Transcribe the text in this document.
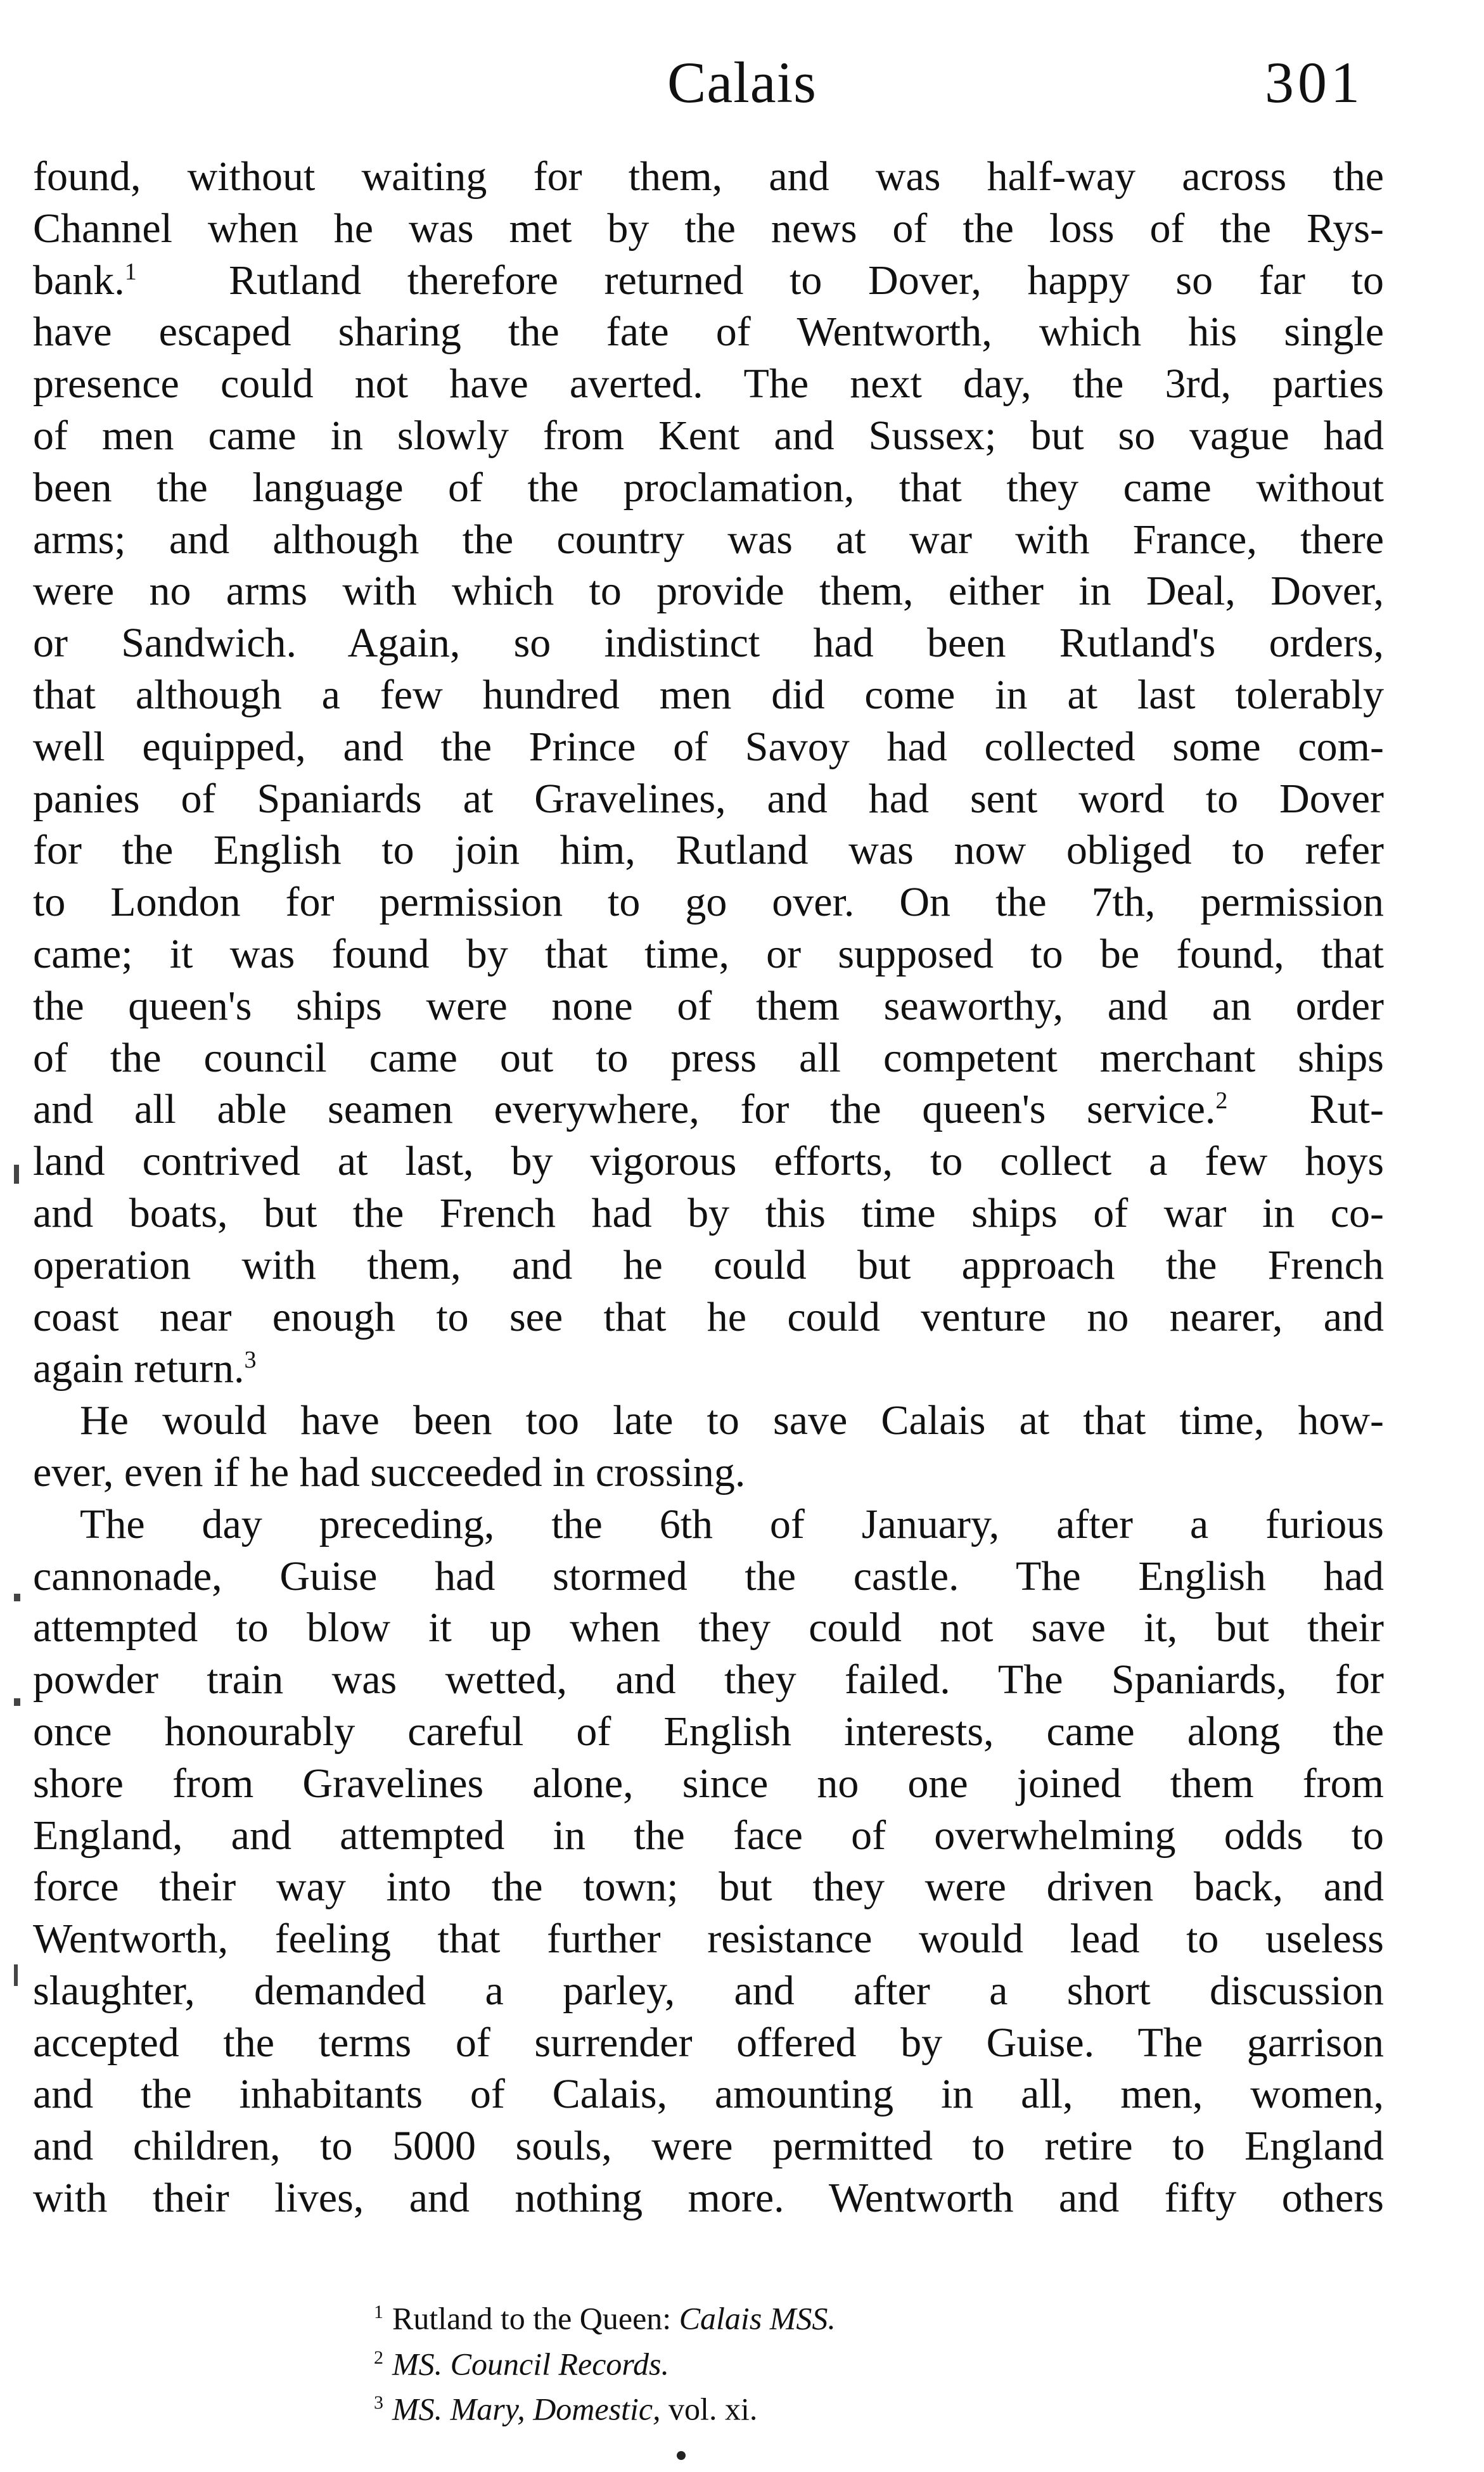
Calais	301

found, without waiting for them, and was half-way across the
Channel when he was met by the news of the loss of the Rys-
bank.$^1$ Rutland therefore returned to Dover, happy so far to
have escaped sharing the fate of Wentworth, which his single
presence could not have averted. The next day, the 3rd, parties
of men came in slowly from Kent and Sussex; but so vague had
been the language of the proclamation, that they came without
arms; and although the country was at war with France, there
were no arms with which to provide them, either in Deal, Dover,
or Sandwich. Again, so indistinct had been Rutland's orders,
that although a few hundred men did come in at last tolerably
well equipped, and the Prince of Savoy had collected some com-
panies of Spaniards at Gravelines, and had sent word to Dover
for the English to join him, Rutland was now obliged to refer
to London for permission to go over. On the 7th, permission
came; it was found by that time, or supposed to be found, that
the queen's ships were none of them seaworthy, and an order
of the council came out to press all competent merchant ships
and all able seamen everywhere, for the queen's service.$^2$ Rut-
land contrived at last, by vigorous efforts, to collect a few hoys
and boats, but the French had by this time ships of war in co-
operation with them, and he could but approach the French
coast near enough to see that he could venture no nearer, and
again return.$^3$

He would have been too late to save Calais at that time, how-
ever, even if he had succeeded in crossing.

The day preceding, the 6th of January, after a furious
cannonade, Guise had stormed the castle. The English had
attempted to blow it up when they could not save it, but their
powder train was wetted, and they failed. The Spaniards, for
once honourably careful of English interests, came along the
shore from Gravelines alone, since no one joined them from
England, and attempted in the face of overwhelming odds to
force their way into the town; but they were driven back, and
Wentworth, feeling that further resistance would lead to useless
slaughter, demanded a parley, and after a short discussion
accepted the terms of surrender offered by Guise. The garrison
and the inhabitants of Calais, amounting in all, men, women,
and children, to 5000 souls, were permitted to retire to England
with their lives, and nothing more. Wentworth and fifty others

$^1$ Rutland to the Queen: Calais MSS.
$^2$ MS. Council Records.
$^3$ MS. Mary, Domestic, vol. xi.
